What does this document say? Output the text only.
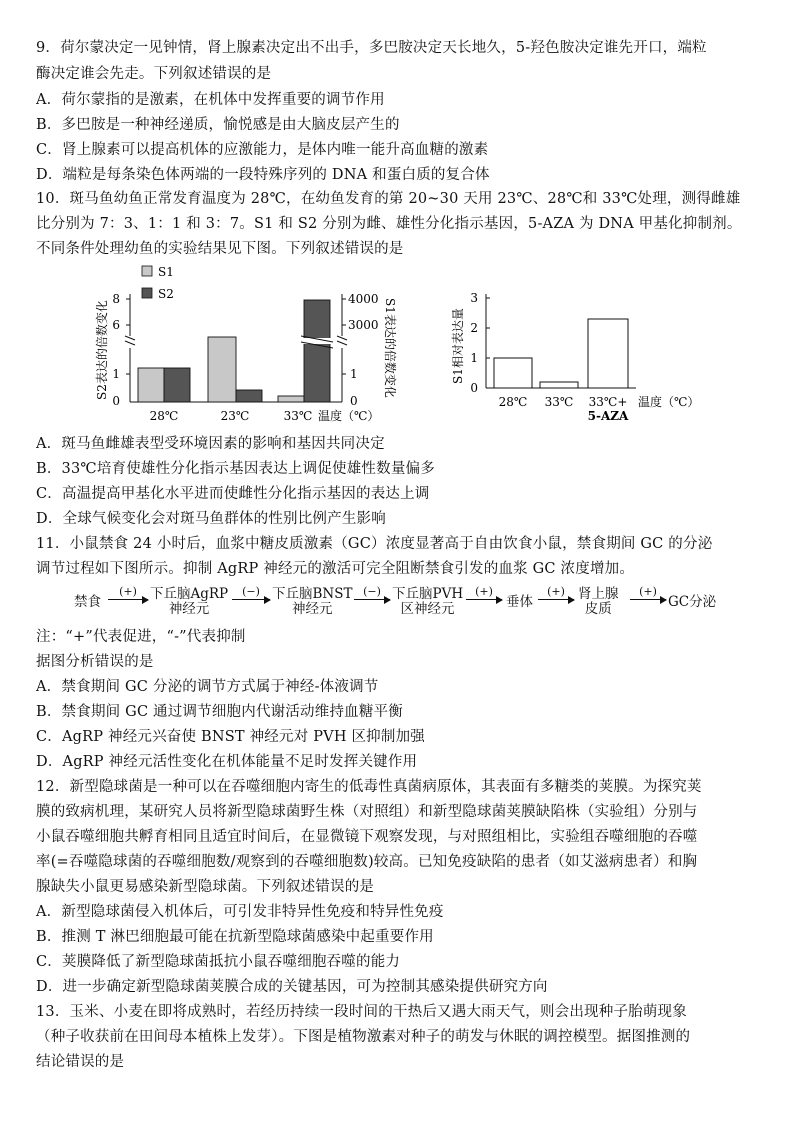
9．荷尔蒙决定一见钟情，肾上腺素决定出不出手，多巴胺决定天长地久，5-羟色胺决定谁先开口，端粒
酶决定谁会先走。下列叙述错误的是
A．荷尔蒙指的是激素，在机体中发挥重要的调节作用
B．多巴胺是一种神经递质，愉悦感是由大脑皮层产生的
C．肾上腺素可以提高机体的应激能力，是体内唯一能升高血糖的激素
D．端粒是每条染色体两端的一段特殊序列的 DNA 和蛋白质的复合体
10．斑马鱼幼鱼正常发育温度为 28℃，在幼鱼发育的第 20~30 天用 23℃、28℃和 33℃处理，测得雌雄
比分别为 7：3、1：1 和 3：7。S1 和 S2 分别为雌、雄性分化指示基因，5-AZA 为 DNA 甲基化抑制剂。
不同条件处理幼鱼的实验结果见下图。下列叙述错误的是
S1
S2
S2表达的倍数变化	S1表达的倍数变化
8
6
1
0
4000
3000
1
0
28℃	23℃	33℃ 温度（℃）
S1相对表达量
3
2
1
0
28℃ 33℃ 33℃+
5-AZA
温度（℃）
A．斑马鱼雌雄表型受环境因素的影响和基因共同决定
B．33℃培育使雄性分化指示基因表达上调促使雄性数量偏多
C．高温提高甲基化水平进而使雌性分化指示基因的表达上调
D．全球气候变化会对斑马鱼群体的性别比例产生影响
11．小鼠禁食 24 小时后，血浆中糖皮质激素（GC）浓度显著高于自由饮食小鼠，禁食期间 GC 的分泌
调节过程如下图所示。抑制 AgRP 神经元的激活可完全阻断禁食引发的血浆 GC 浓度增加。
禁食
(+) 下丘脑AgRP
神经元
(−) 下丘脑BNST
神经元
(−) 下丘脑PVH
区神经元
(+)
垂体
(+) 肾上腺
皮质
(+)
GC分泌
注：“+”代表促进，“-”代表抑制
据图分析错误的是
A．禁食期间 GC 分泌的调节方式属于神经-体液调节
B．禁食期间 GC 通过调节细胞内代谢活动维持血糖平衡
C．AgRP 神经元兴奋使 BNST 神经元对 PVH 区抑制加强
D．AgRP 神经元活性变化在机体能量不足时发挥关键作用
12．新型隐球菌是一种可以在吞噬细胞内寄生的低毒性真菌病原体，其表面有多糖类的荚膜。为探究荚
膜的致病机理，某研究人员将新型隐球菌野生株（对照组）和新型隐球菌荚膜缺陷株（实验组）分别与
小鼠吞噬细胞共孵育相同且适宜时间后，在显微镜下观察发现，与对照组相比，实验组吞噬细胞的吞噬
率(=吞噬隐球菌的吞噬细胞数/观察到的吞噬细胞数)较高。已知免疫缺陷的患者（如艾滋病患者）和胸
腺缺失小鼠更易感染新型隐球菌。下列叙述错误的是
A．新型隐球菌侵入机体后，可引发非特异性免疫和特异性免疫
B．推测 T 淋巴细胞最可能在抗新型隐球菌感染中起重要作用
C．荚膜降低了新型隐球菌抵抗小鼠吞噬细胞吞噬的能力
D．进一步确定新型隐球菌荚膜合成的关键基因，可为控制其感染提供研究方向
13．玉米、小麦在即将成熟时，若经历持续一段时间的干热后又遇大雨天气，则会出现种子胎萌现象
（种子收获前在田间母本植株上发芽）。下图是植物激素对种子的萌发与休眠的调控模型。据图推测的
结论错误的是
